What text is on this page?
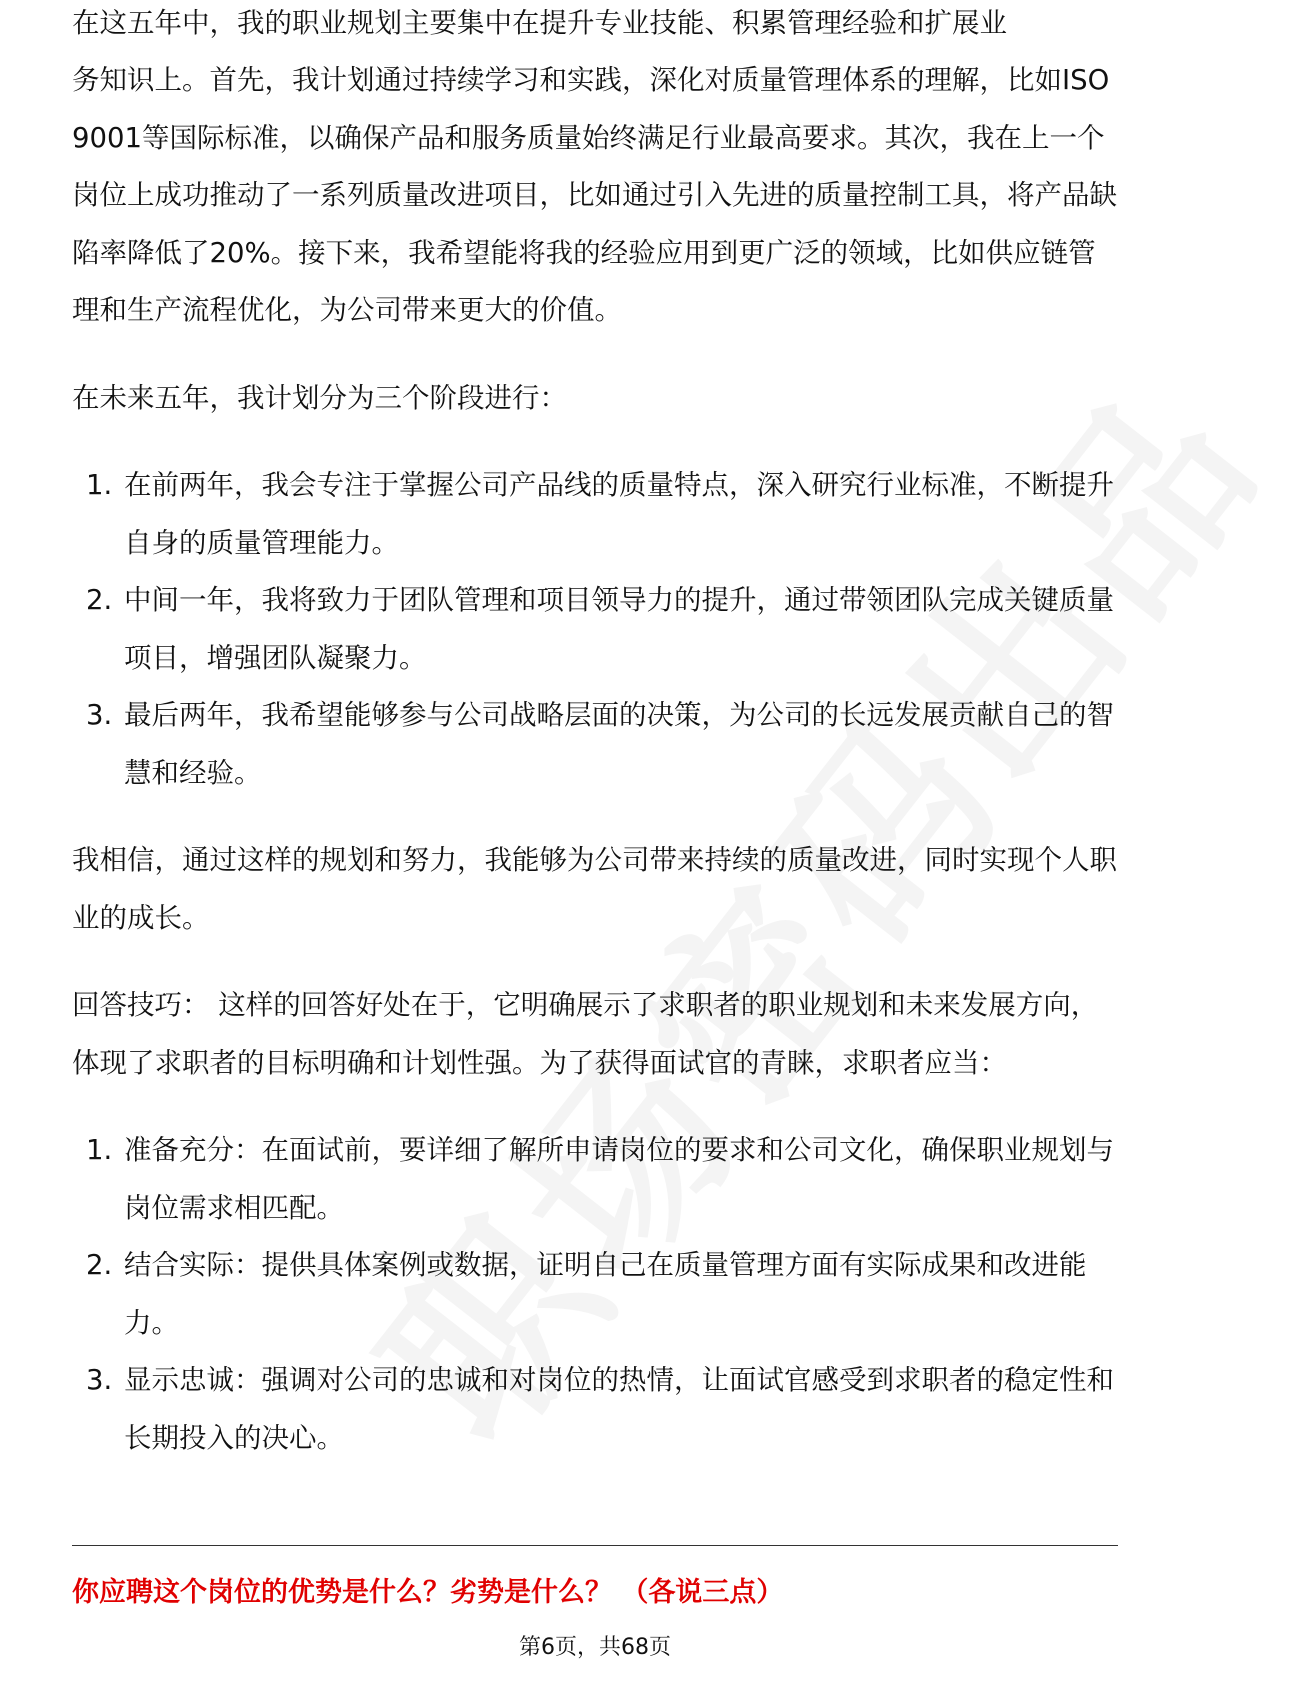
在这五年中，我的职业规划主要集中在提升专业技能、积累管理经验和扩展业

务知识上。首先，我计划通过持续学习和实践，深化对质量管理体系的理解，比如ISO 9001等国际标准，以确保产品和服务质量始终满足行业最高要求。其次，我在上一个岗位上成功推动了一系列质量改进项目，比如通过引入先进的质量控制工具，将产品缺陷率降低了20%。接下来，我希望能将我的经验应用到更广泛的领域，比如供应链管理和生产流程优化，为公司带来更大的价值。

在未来五年，我计划分为三个阶段进行：

1. 在前两年，我会专注于掌握公司产品线的质量特点，深入研究行业标准，不断提升自身的质量管理能力。
2. 中间一年，我将致力于团队管理和项目领导力的提升，通过带领团队完成关键质量项目，增强团队凝聚力。
3. 最后两年，我希望能够参与公司战略层面的决策，为公司的长远发展贡献自己的智慧和经验。

我相信，通过这样的规划和努力，我能够为公司带来持续的质量改进，同时实现个人职业的成长。

回答技巧： 这样的回答好处在于，它明确展示了求职者的职业规划和未来发展方向，体现了求职者的目标明确和计划性强。为了获得面试官的青睐，求职者应当：

1. 准备充分：在面试前，要详细了解所申请岗位的要求和公司文化，确保职业规划与岗位需求相匹配。
2. 结合实际：提供具体案例或数据，证明自己在质量管理方面有实际成果和改进能力。
3. 显示忠诚：强调对公司的忠诚和对岗位的热情，让面试官感受到求职者的稳定性和长期投入的决心。
你应聘这个岗位的优势是什么？劣势是什么？ （各说三点）
第6页，共68页
